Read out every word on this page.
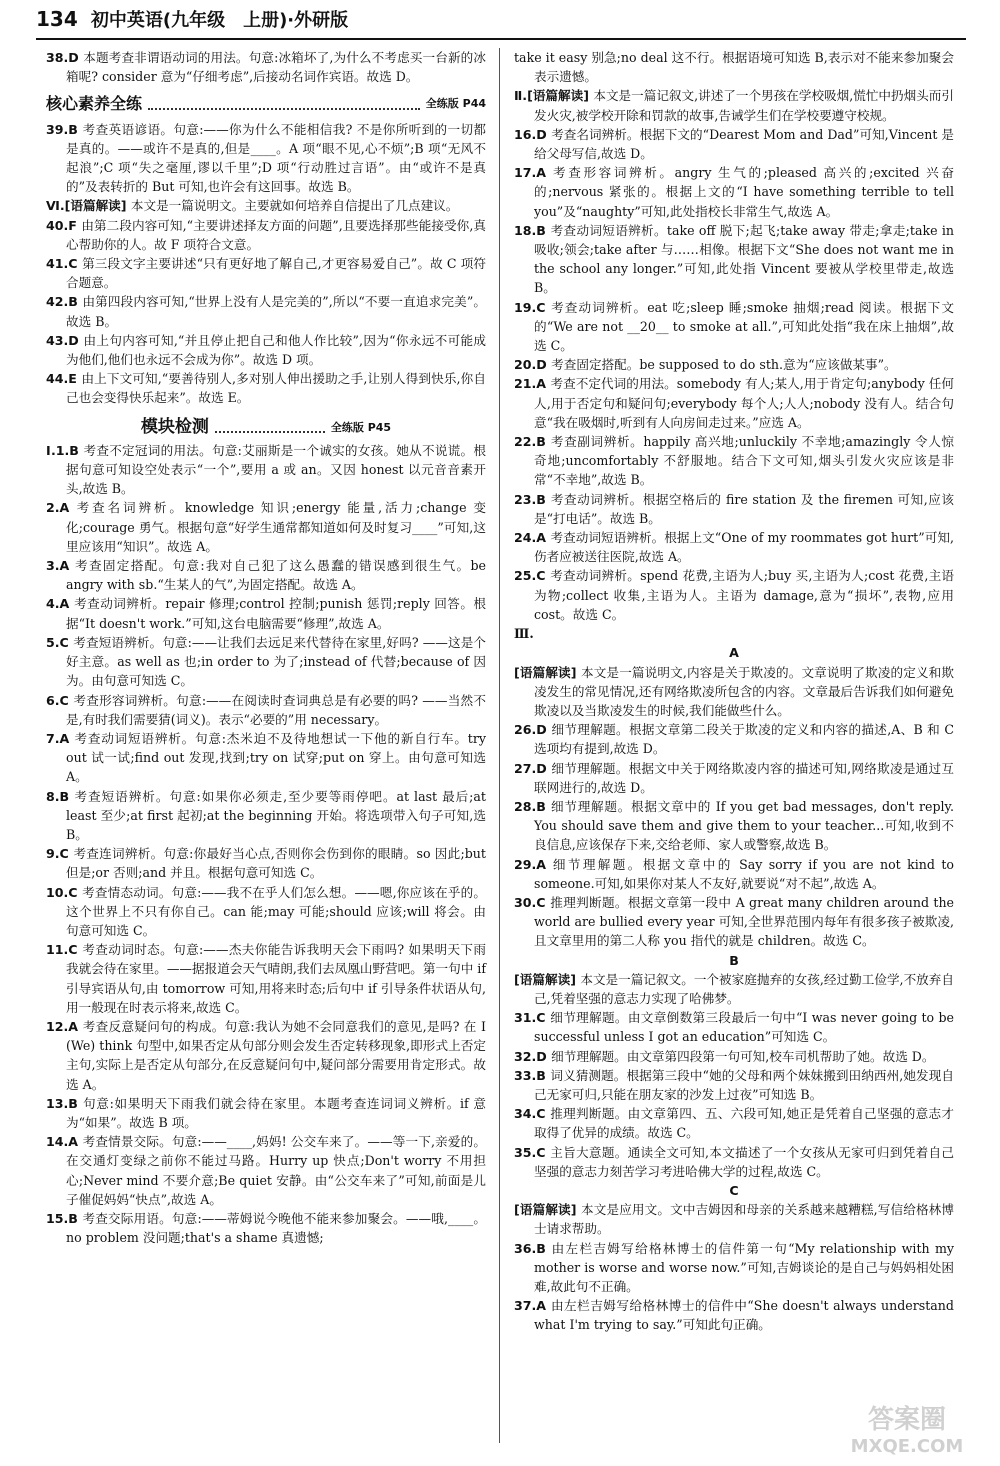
134 初中英语(九年级　上册)·外研版

38.D 本题考查非谓语动词的用法。句意:冰箱坏了,为什么不考虑买一台新的冰箱呢? consider 意为“仔细考虑”,后接动名词作宾语。故选 D。

核心素养全练	全练版 P44

39.B 考查英语谚语。句意:——你为什么不能相信我? 不是你所听到的一切都是真的。——或许不是真的,但是____。A 项“眼不见,心不烦”;B 项“无风不起浪”;C 项“失之毫厘,谬以千里”;D 项“行动胜过言语”。由“或许不是真的”及表转折的 But 可知,也许会有这回事。故选 B。

Ⅵ.[语篇解读] 本文是一篇说明文。主要就如何培养自信提出了几点建议。

40.F 由第二段内容可知,“主要讲述择友方面的问题”,且要选择那些能接受你,真心帮助你的人。故 F 项符合文意。

41.C 第三段文字主要讲述“只有更好地了解自己,才更容易爱自己”。故 C 项符合题意。

42.B 由第四段内容可知,“世界上没有人是完美的”,所以“不要一直追求完美”。故选 B。

43.D 由上句内容可知,“并且停止把自己和他人作比较”,因为“你永远不可能成为他们,他们也永远不会成为你”。故选 D 项。

44.E 由上下文可知,“要善待别人,多对别人伸出援助之手,让别人得到快乐,你自己也会变得快乐起来”。故选 E。

模块检测	全练版 P45

Ⅰ.1.B 考查不定冠词的用法。句意:艾丽斯是一个诚实的女孩。她从不说谎。根据句意可知设空处表示“一个”,要用 a 或 an。又因 honest 以元音音素开头,故选 B。

2.A 考查名词辨析。knowledge 知识;energy 能量,活力;change 变化;courage 勇气。根据句意“好学生通常都知道如何及时复习____”可知,这里应该用“知识”。故选 A。

3.A 考查固定搭配。句意:我对自己犯了这么愚蠢的错误感到很生气。be angry with sb.“生某人的气”,为固定搭配。故选 A。

4.A 考查动词辨析。repair 修理;control 控制;punish 惩罚;reply 回答。根据“It doesn't work.”可知,这台电脑需要“修理”,故选 A。

5.C 考查短语辨析。句意:——让我们去远足来代替待在家里,好吗? ——这是个好主意。as well as 也;in order to 为了;instead of 代替;because of 因为。由句意可知选 C。

6.C 考查形容词辨析。句意:——在阅读时查词典总是有必要的吗? ——当然不是,有时我们需要猜(词义)。表示“必要的”用 necessary。

7.A 考查动词短语辨析。句意:杰米迫不及待地想试一下他的新自行车。try out 试一试;find out 发现,找到;try on 试穿;put on 穿上。由句意可知选 A。

8.B 考查短语辨析。句意:如果你必须走,至少要等雨停吧。at last 最后;at least 至少;at first 起初;at the beginning 开始。将选项带入句子可知,选 B。

9.C 考查连词辨析。句意:你最好当心点,否则你会伤到你的眼睛。so 因此;but 但是;or 否则;and 并且。根据句意可知选 C。

10.C 考查情态动词。句意:——我不在乎人们怎么想。——嗯,你应该在乎的。这个世界上不只有你自己。can 能;may 可能;should 应该;will 将会。由句意可知选 C。

11.C 考查动词时态。句意:——杰夫你能告诉我明天会下雨吗? 如果明天下雨我就会待在家里。——据报道会天气晴朗,我们去凤凰山野营吧。第一句中 if 引导宾语从句,由 tomorrow 可知,用将来时态;后句中 if 引导条件状语从句,用一般现在时表示将来,故选 C。

12.A 考查反意疑问句的构成。句意:我认为她不会同意我们的意见,是吗? 在 I (We) think 句型中,如果否定从句部分则会发生否定转移现象,即形式上否定主句,实际上是否定从句部分,在反意疑问句中,疑问部分需要用肯定形式。故选 A。

13.B 句意:如果明天下雨我们就会待在家里。本题考查连词词义辨析。if 意为“如果”。故选 B 项。

14.A 考查情景交际。句意:——____,妈妈! 公交车来了。——等一下,亲爱的。在交通灯变绿之前你不能过马路。Hurry up 快点;Don't worry 不用担心;Never mind 不要介意;Be quiet 安静。由“公交车来了”可知,前面是儿子催促妈妈“快点”,故选 A。

15.B 考查交际用语。句意:——蒂姆说今晚他不能来参加聚会。——哦,____。no problem 没问题;that's a shame 真遗憾;

take it easy 别急;no deal 这不行。根据语境可知选 B,表示对不能来参加聚会表示遗憾。

Ⅱ.[语篇解读] 本文是一篇记叙文,讲述了一个男孩在学校吸烟,慌忙中扔烟头而引发火灾,被学校开除和罚款的故事,告诫学生们在学校要遵守校规。

16.D 考查名词辨析。根据下文的“Dearest Mom and Dad”可知,Vincent 是给父母写信,故选 D。

17.A 考查形容词辨析。angry 生气的;pleased 高兴的;excited 兴奋的;nervous 紧张的。根据上文的“I have something terrible to tell you”及“naughty”可知,此处指校长非常生气,故选 A。

18.B 考查动词短语辨析。take off 脱下;起飞;take away 带走;拿走;take in 吸收;领会;take after 与……相像。根据下文“She does not want me in the school any longer.”可知,此处指 Vincent 要被从学校里带走,故选 B。

19.C 考查动词辨析。eat 吃;sleep 睡;smoke 抽烟;read 阅读。根据下文的“We are not __20__ to smoke at all.”,可知此处指“我在床上抽烟”,故选 C。

20.D 考查固定搭配。be supposed to do sth.意为“应该做某事”。

21.A 考查不定代词的用法。somebody 有人;某人,用于肯定句;anybody 任何人,用于否定句和疑问句;everybody 每个人;人人;nobody 没有人。结合句意“我在吸烟时,听到有人向房间走过来。”应选 A。

22.B 考查副词辨析。happily 高兴地;unluckily 不幸地;amazingly 令人惊奇地;uncomfortably 不舒服地。结合下文可知,烟头引发火灾应该是非常“不幸地”,故选 B。

23.B 考查动词辨析。根据空格后的 fire station 及 the firemen 可知,应该是“打电话”。故选 B。

24.A 考查动词短语辨析。根据上文“One of my roommates got hurt”可知,伤者应被送往医院,故选 A。

25.C 考查动词辨析。spend 花费,主语为人;buy 买,主语为人;cost 花费,主语为物;collect 收集,主语为人。主语为 damage,意为“损坏”,表物,应用 cost。故选 C。

Ⅲ.

A

[语篇解读] 本文是一篇说明文,内容是关于欺凌的。文章说明了欺凌的定义和欺凌发生的常见情况,还有网络欺凌所包含的内容。文章最后告诉我们如何避免欺凌以及当欺凌发生的时候,我们能做些什么。

26.D 细节理解题。根据文章第二段关于欺凌的定义和内容的描述,A、B 和 C 选项均有提到,故选 D。

27.D 细节理解题。根据文中关于网络欺凌内容的描述可知,网络欺凌是通过互联网进行的,故选 D。

28.B 细节理解题。根据文章中的 If you get bad messages, don't reply. You should save them and give them to your teacher...可知,收到不良信息,应该保存下来,交给老师、家人或警察,故选 B。

29.A 细节理解题。根据文章中的 Say sorry if you are not kind to someone.可知,如果你对某人不友好,就要说“对不起”,故选 A。

30.C 推理判断题。根据文章第一段中 A great many children around the world are bullied every year 可知,全世界范围内每年有很多孩子被欺凌,且文章里用的第二人称 you 指代的就是 children。故选 C。

B

[语篇解读] 本文是一篇记叙文。一个被家庭抛弃的女孩,经过勤工俭学,不放弃自己,凭着坚强的意志力实现了哈佛梦。

31.C 细节理解题。由文章倒数第三段最后一句中“I was never going to be successful unless I got an education”可知选 C。

32.D 细节理解题。由文章第四段第一句可知,校车司机帮助了她。故选 D。

33.B 词义猜测题。根据第三段中“她的父母和两个妹妹搬到田纳西州,她发现自己无家可归,只能在朋友家的沙发上过夜”可知选 B。

34.C 推理判断题。由文章第四、五、六段可知,她正是凭着自己坚强的意志才取得了优异的成绩。故选 C。

35.C 主旨大意题。通读全文可知,本文描述了一个女孩从无家可归到凭着自己坚强的意志力刻苦学习考进哈佛大学的过程,故选 C。

C

[语篇解读] 本文是应用文。文中吉姆因和母亲的关系越来越糟糕,写信给格林博士请求帮助。

36.B 由左栏吉姆写给格林博士的信件第一句“My relationship with my mother is worse and worse now.”可知,吉姆谈论的是自己与妈妈相处困难,故此句不正确。

37.A 由左栏吉姆写给格林博士的信件中“She doesn't always understand what I'm trying to say.”可知此句正确。

答案圈
MXQE.COM
